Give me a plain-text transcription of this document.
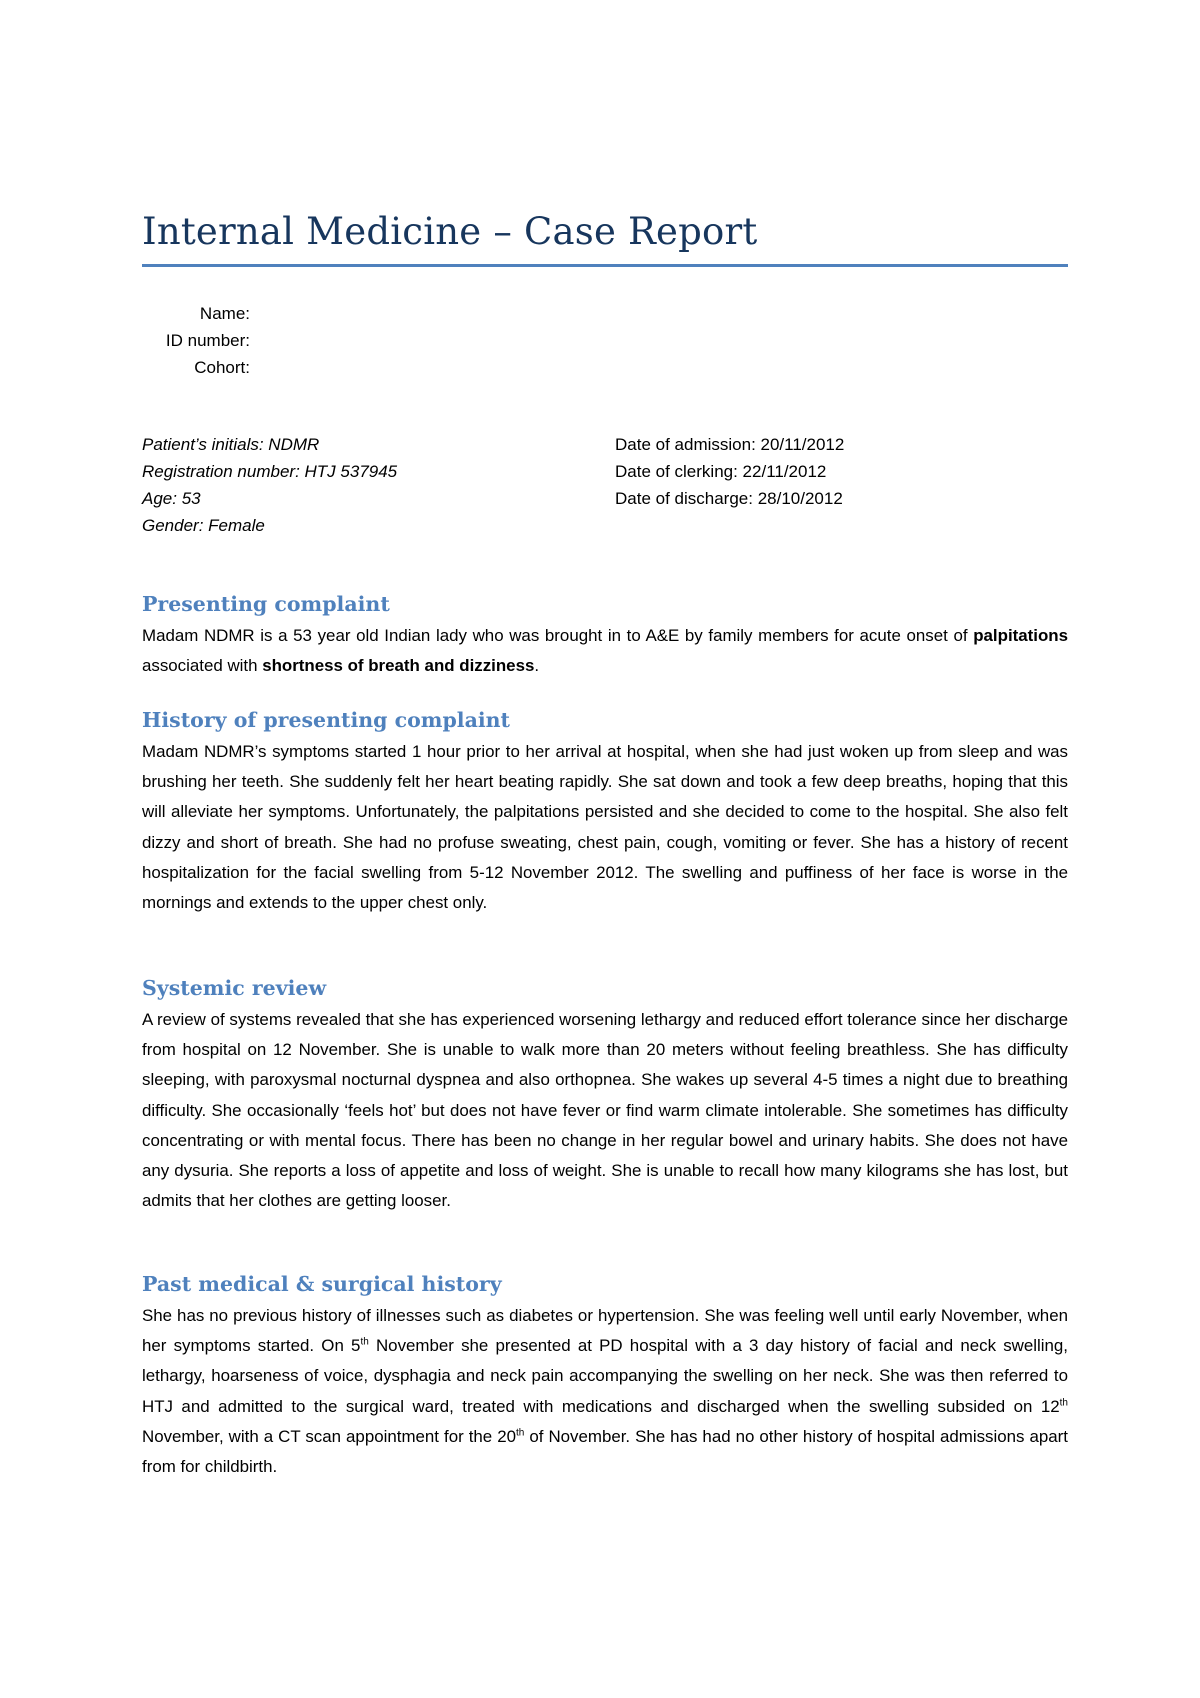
Internal Medicine – Case Report
Name:
ID number:
Cohort:
Patient’s initials: NDMR
Registration number: HTJ 537945
Age: 53
Gender: Female
Date of admission: 20/11/2012
Date of clerking: 22/11/2012
Date of discharge: 28/10/2012
Presenting complaint

Madam NDMR is a 53 year old Indian lady who was brought in to A&E by family members for acute onset of palpitations associated with shortness of breath and dizziness.

History of presenting complaint

Madam NDMR’s symptoms started 1 hour prior to her arrival at hospital, when she had just woken up from sleep and was brushing her teeth. She suddenly felt her heart beating rapidly. She sat down and took a few deep breaths, hoping that this will alleviate her symptoms. Unfortunately, the palpitations persisted and she decided to come to the hospital. She also felt dizzy and short of breath. She had no profuse sweating, chest pain, cough, vomiting or fever. She has a history of recent hospitalization for the facial swelling from 5-12 November 2012. The swelling and puffiness of her face is worse in the mornings and extends to the upper chest only.

Systemic review

A review of systems revealed that she has experienced worsening lethargy and reduced effort tolerance since her discharge from hospital on 12 November. She is unable to walk more than 20 meters without feeling breathless. She has difficulty sleeping, with paroxysmal nocturnal dyspnea and also orthopnea. She wakes up several 4-5 times a night due to breathing difficulty. She occasionally ‘feels hot’ but does not have fever or find warm climate intolerable. She sometimes has difficulty concentrating or with mental focus. There has been no change in her regular bowel and urinary habits. She does not have any dysuria. She reports a loss of appetite and loss of weight. She is unable to recall how many kilograms she has lost, but admits that her clothes are getting looser.

Past medical & surgical history

She has no previous history of illnesses such as diabetes or hypertension. She was feeling well until early November, when her symptoms started. On 5th November she presented at PD hospital with a 3 day history of facial and neck swelling, lethargy, hoarseness of voice, dysphagia and neck pain accompanying the swelling on her neck. She was then referred to HTJ and admitted to the surgical ward, treated with medications and discharged when the swelling subsided on 12th November, with a CT scan appointment for the 20th of November. She has had no other history of hospital admissions apart from for childbirth.
